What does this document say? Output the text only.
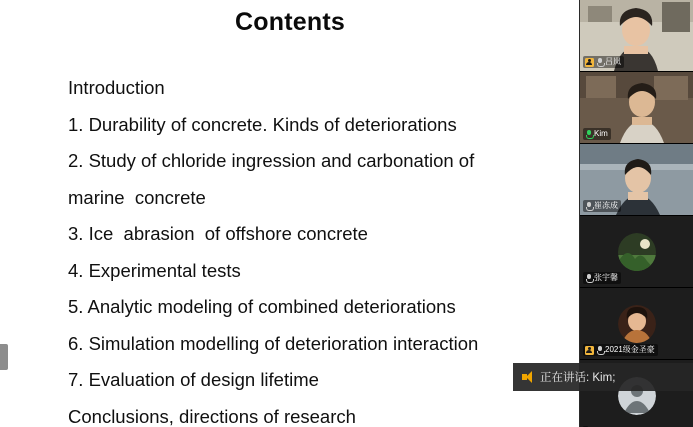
Contents
Introduction
1. Durability of concrete. Kinds of deteriorations
2. Study of chloride ingression and carbonation of
marine  concrete
3. Ice  abrasion  of offshore concrete
4. Experimental tests
5. Analytic modeling of combined deteriorations
6. Simulation modelling of deterioration interaction
7. Evaluation of design lifetime
Conclusions, directions of research
吕岚
Kim
崔冻成
张宇馨
2021级金圣豪
正在讲话: Kim;
